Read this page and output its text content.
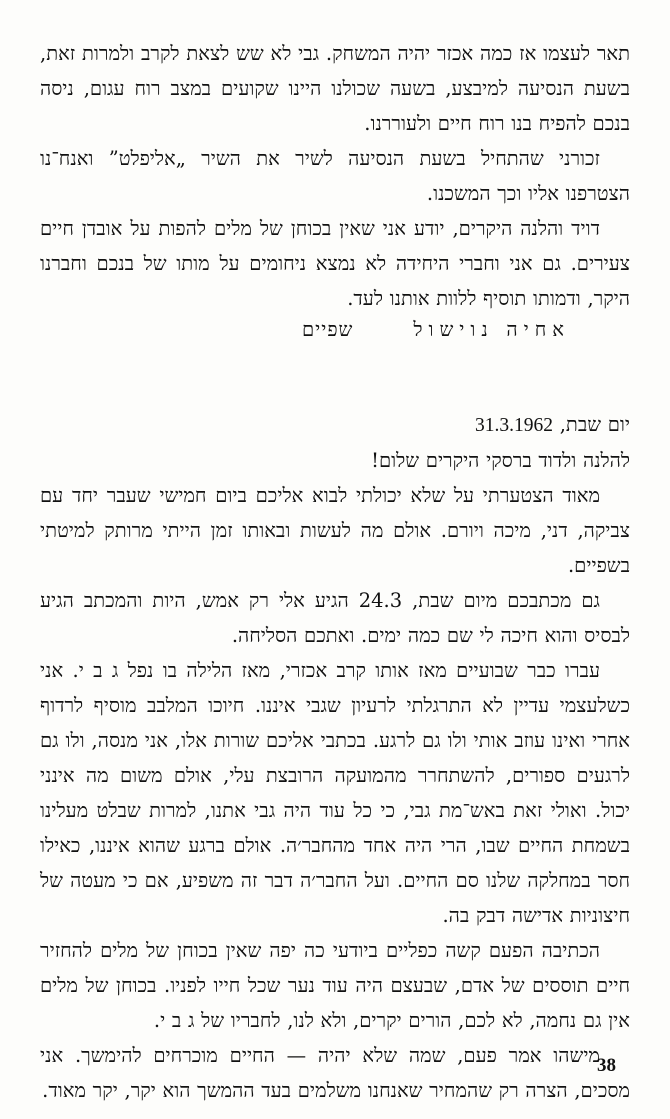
תאר לעצמו אז כמה אכזר יהיה המשחק. גבי לא שש לצאת לקרב ולמרות זאת, בשעת הנסיעה למיבצע, בשעה שכולנו היינו שקועים במצב רוח עגום, ניסה בנכם להפיח בנו רוח חיים ולעוררנו.

זכורני שהתחיל בשעת הנסיעה לשיר את השיר „אליפלט” ואנח־נו הצטרפנו אליו וכך המשכנו.

דויד והלנה היקרים, יודע אני שאין בכוחן של מלים להפות על אובדן חיים צעירים. גם אני וחברי היחידה לא נמצא ניחומים על מותו של בנכם וחברנו היקר, ודמותו תוסיף ללוות אותנו לעד.

אחיה נוישול
שפיים
יום שבת, 31.3.1962

להלנה ולדוד ברסקי היקרים שלום!

מאוד הצטערתי על שלא יכולתי לבוא אליכם ביום חמישי שעבר יחד עם צביקה, דני, מיכה ויורם. אולם מה לעשות ובאותו זמן הייתי מרותק למיטתי בשפיים.

גם מכתבכם מיום שבת, 24.3 הגיע אלי רק אמש, היות והמכתב הגיע לבסיס והוא חיכה לי שם כמה ימים. ואתכם הסליחה.

עברו כבר שבועיים מאז אותו קרב אכזרי, מאז הלילה בו נפל ג ב י. אני כשלעצמי עדיין לא התרגלתי לרעיון שגבי איננו. חיוכו המלבב מוסיף לרדוף אחרי ואינו עוזב אותי ולו גם לרגע. בכתבי אליכם שורות אלו, אני מנסה, ולו גם לרגעים ספורים, להשתחרר מהמועקה הרובצת עלי, אולם משום מה אינני יכול. ואולי זאת באש־מת גבי, כי כל עוד היה גבי אתנו, למרות שבלט מעלינו בשמחת החיים שבו, הרי היה אחד מהחבר׳ה. אולם ברגע שהוא איננו, כאילו חסר במחלקה שלנו סם החיים. ועל החבר׳ה דבר זה משפיע, אם כי מעטה של חיצוניות אדישה דבק בה.

הכתיבה הפעם קשה כפליים ביודעי כה יפה שאין בכוחן של מלים להחזיר חיים תוססים של אדם, שבעצם היה עוד נער שכל חייו לפניו. בכוחן של מלים אין גם נחמה, לא לכם, הורים יקרים, ולא לנו, לחבריו של ג ב י.

מישהו אמר פעם, שמה שלא יהיה — החיים מוכרחים להימשך. אני מסכים, הצרה רק שהמחיר שאנחנו משלמים בעד ההמשך הוא יקר, יקר מאוד.

38
